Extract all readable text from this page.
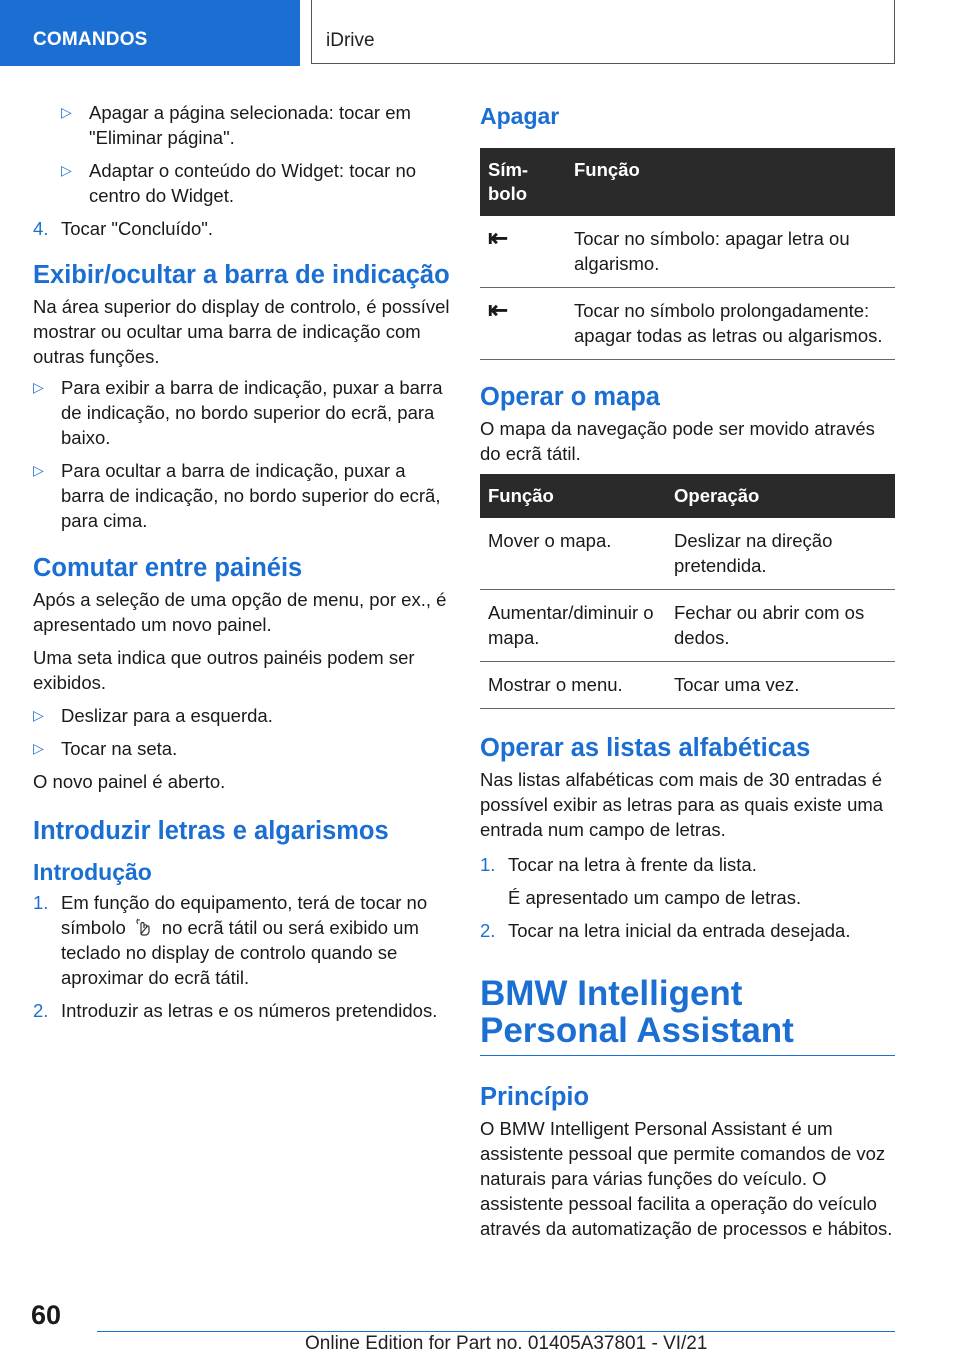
COMANDOS	iDrive
▷ Apagar a página selecionada: tocar em "Eliminar página".
▷ Adaptar o conteúdo do Widget: tocar no centro do Widget.
4. Tocar "Concluído".
Exibir/ocultar a barra de indicação

Na área superior do display de controlo, é possível mostrar ou ocultar uma barra de indicação com outras funções.

▷ Para exibir a barra de indicação, puxar a barra de indicação, no bordo superior do ecrã, para baixo.
▷ Para ocultar a barra de indicação, puxar a barra de indicação, no bordo superior do ecrã, para cima.
Comutar entre painéis

Após a seleção de uma opção de menu, por ex., é apresentado um novo painel.

Uma seta indica que outros painéis podem ser exibidos.

▷ Deslizar para a esquerda.
▷ Tocar na seta.

O novo painel é aberto.

Introduzir letras e algarismos
Introdução
1. Em função do equipamento, terá de tocar no símbolo no ecrã tátil ou será exibido um teclado no display de controlo quando se aproximar do ecrã tátil.
2. Introduzir as letras e os números pretendidos.
Apagar
Sím-bolo	Função
⇤	Tocar no símbolo: apagar letra ou algarismo.
⇤	Tocar no símbolo prolongadamente: apagar todas as letras ou algarismos.
Operar o mapa

O mapa da navegação pode ser movido através do ecrã tátil.

Função	Operação
Mover o mapa.	Deslizar na direção pretendida.
Aumentar/diminuir o mapa.	Fechar ou abrir com os dedos.
Mostrar o menu.	Tocar uma vez.
Operar as listas alfabéticas

Nas listas alfabéticas com mais de 30 entradas é possível exibir as letras para as quais existe uma entrada num campo de letras.

1. Tocar na letra à frente da lista.

É apresentado um campo de letras.

2. Tocar na letra inicial da entrada desejada.
BMW Intelligent Personal Assistant
Princípio

O BMW Intelligent Personal Assistant é um assistente pessoal que permite comandos de voz naturais para várias funções do veículo. O assistente pessoal facilita a operação do veículo através da automatização de processos e hábitos.

60
Online Edition for Part no. 01405A37801 - VI/21
